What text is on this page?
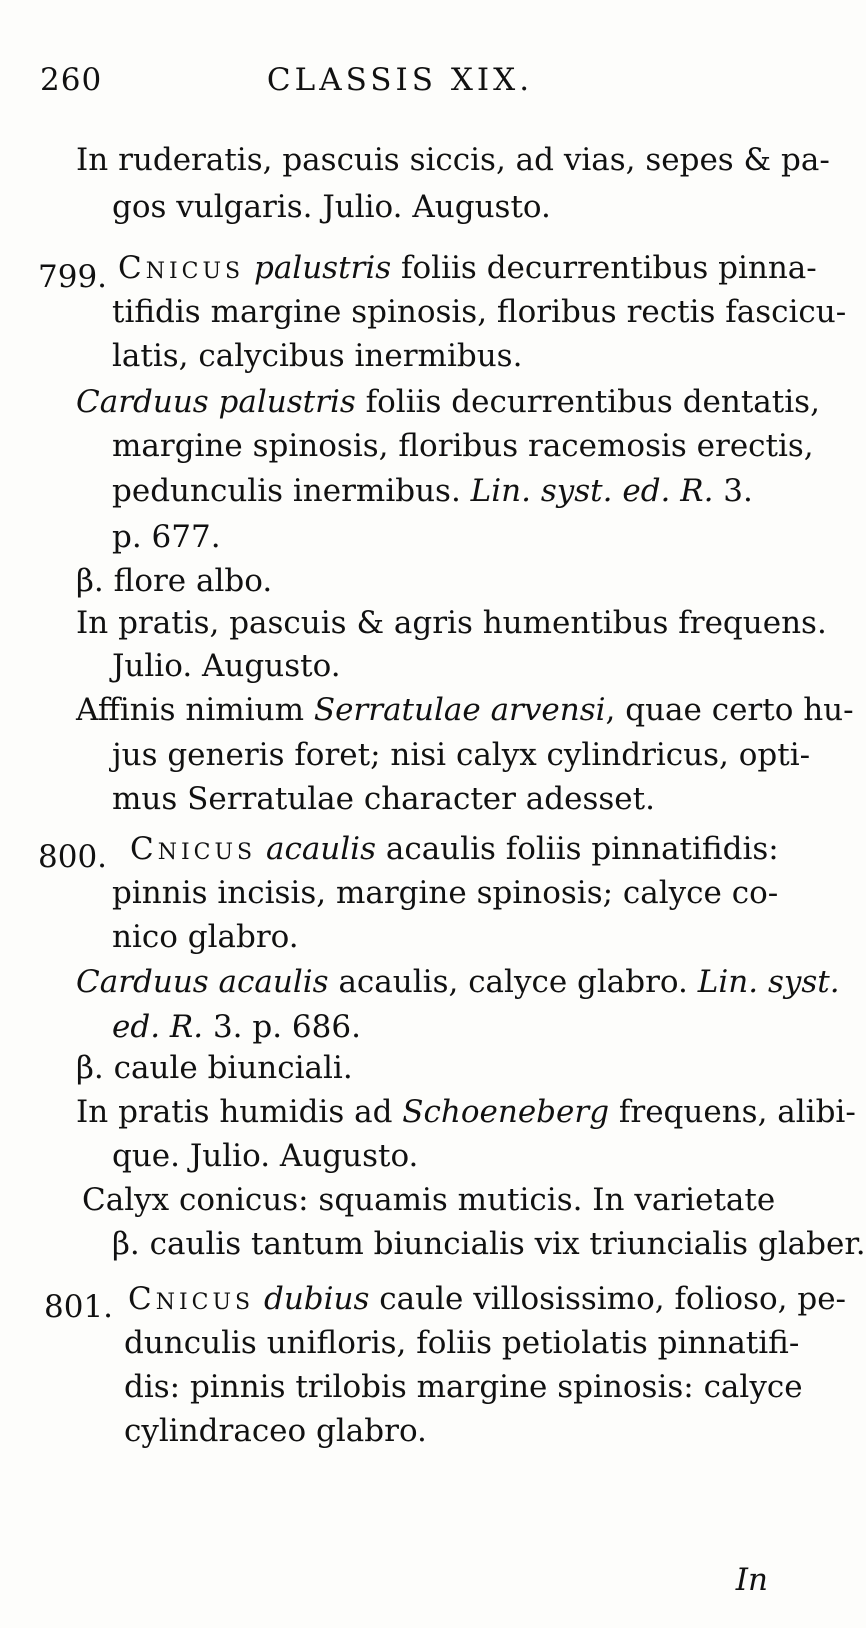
260	CLASSIS XIX.
In ruderatis, pascuis siccis, ad vias, sepes & pa-
gos vulgaris. Julio. Augusto.
799. Cnicus palustris foliis decurrentibus pinna-
tifidis margine spinosis, floribus rectis fascicu-
latis, calycibus inermibus.
Carduus palustris foliis decurrentibus dentatis,
margine spinosis, floribus racemosis erectis,
pedunculis inermibus. Lin. syst. ed. R. 3.
p. 677.
β. flore albo.
In pratis, pascuis & agris humentibus frequens.
Julio. Augusto.
Affinis nimium Serratulae arvensi, quae certo hu-
jus generis foret; nisi calyx cylindricus, opti-
mus Serratulae character adesset.
800. Cnicus acaulis acaulis foliis pinnatifidis:
pinnis incisis, margine spinosis; calyce co-
nico glabro.
Carduus acaulis acaulis, calyce glabro. Lin. syst.
ed. R. 3. p. 686.
β. caule biunciali.
In pratis humidis ad Schoeneberg frequens, alibi-
que. Julio. Augusto.
Calyx conicus: squamis muticis. In varietate
β. caulis tantum biuncialis vix triuncialis glaber.
801. Cnicus dubius caule villosissimo, folioso, pe-
dunculis unifloris, foliis petiolatis pinnatifi-
dis: pinnis trilobis margine spinosis: calyce
cylindraceo glabro.
In
